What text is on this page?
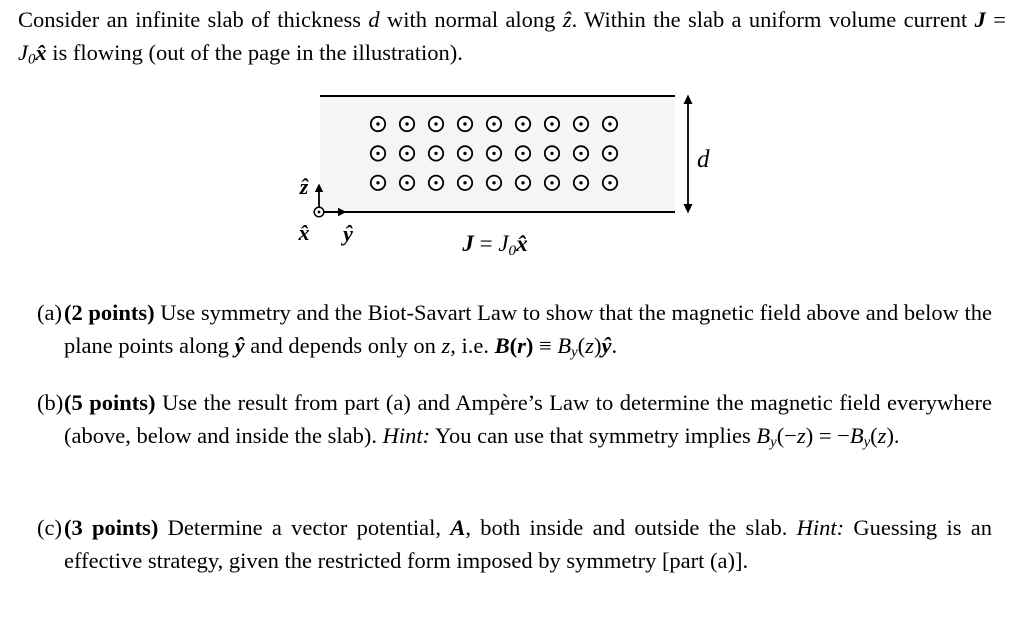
Consider an infinite slab of thickness d with normal along ẑ. Within the slab a uniform volume current $J = J_0x̂$ is flowing (out of the page in the illustration).
d
ẑ
x̂ ŷ	$J = J_0x̂$
(a) (2 points) Use symmetry and the Biot-Savart Law to show that the magnetic field above and below the plane points along ŷ and depends only on z, i.e. $B(r) \equiv B_y(z)ŷ$.
(b) (5 points) Use the result from part (a) and Ampère’s Law to determine the magnetic field everywhere (above, below and inside the slab). Hint: You can use that symmetry implies $B_y(-z) = -B_y(z)$.
(c) (3 points) Determine a vector potential, A, both inside and outside the slab. Hint: Guessing is an effective strategy, given the restricted form imposed by symmetry [part (a)].
